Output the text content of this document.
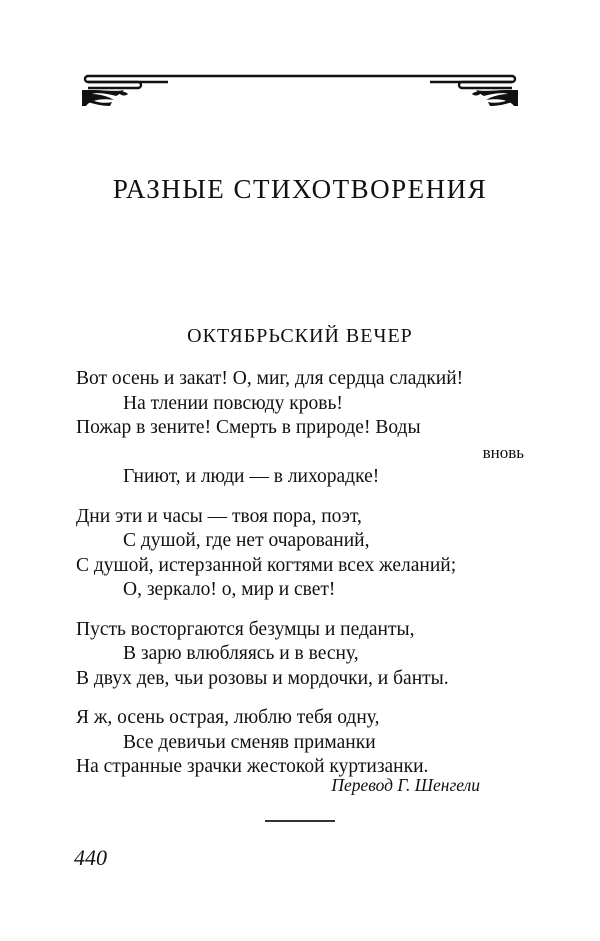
РАЗНЫЕ СТИХОТВОРЕНИЯ
ОКТЯБРЬСКИЙ ВЕЧЕР
Вот осень и закат! О, миг, для сердца сладкий!
На тлении повсюду кровь!
Пожар в зените! Смерть в природе! Воды
вновь
Гниют, и люди — в лихорадке!
Дни эти и часы — твоя пора, поэт,
С душой, где нет очарований,
С душой, истерзанной когтями всех желаний;
О, зеркало! о, мир и свет!
Пусть восторгаются безумцы и педанты,
В зарю влюбляясь и в весну,
В двух дев, чьи розовы и мордочки, и банты.
Я ж, осень острая, люблю тебя одну,
Все девичьи сменяв приманки
На странные зрачки жестокой куртизанки.
Перевод Г. Шенгели
440
